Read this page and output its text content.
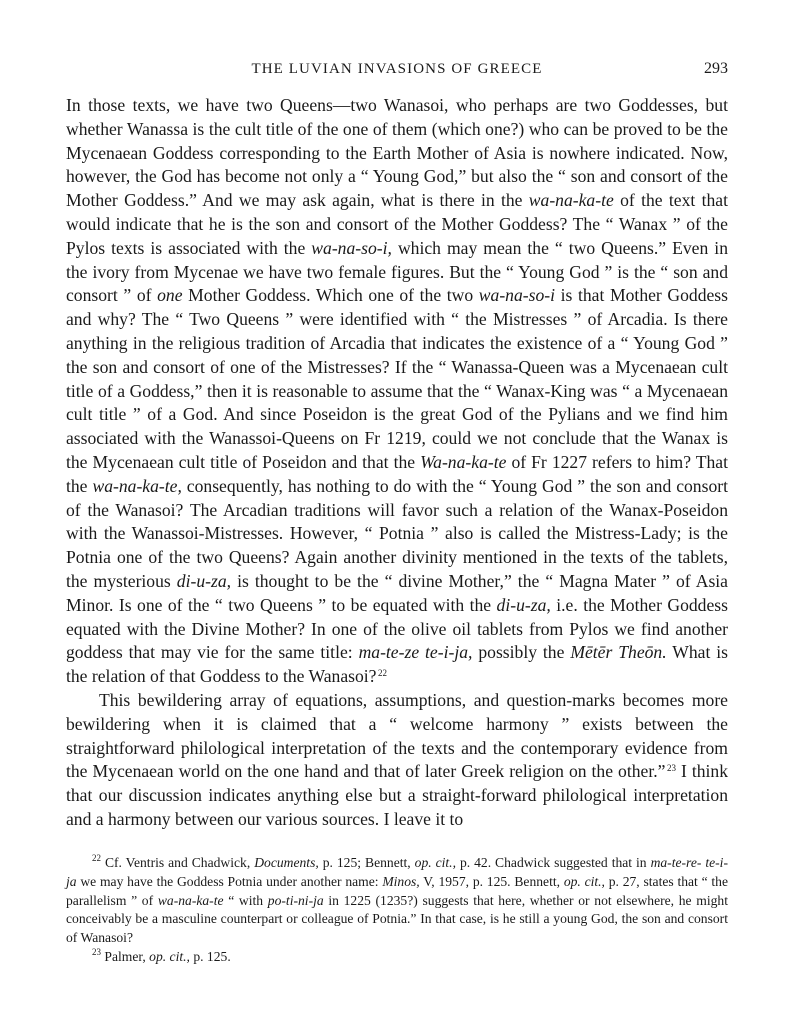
THE LUVIAN INVASIONS OF GREECE	293

In those texts, we have two Queens—two Wanasoi, who perhaps are two Goddesses, but whether Wanassa is the cult title of the one of them (which one?) who can be proved to be the Mycenaean Goddess corresponding to the Earth Mother of Asia is nowhere indicated. Now, however, the God has become not only a “ Young God,” but also the “ son and consort of the Mother Goddess.” And we may ask again, what is there in the wa-na-ka-te of the text that would indicate that he is the son and consort of the Mother Goddess? The “ Wanax ” of the Pylos texts is associated with the wa-na-so-i, which may mean the “ two Queens.” Even in the ivory from Mycenae we have two female figures. But the “ Young God ” is the “ son and consort ” of one Mother Goddess. Which one of the two wa-na-so-i is that Mother Goddess and why? The “ Two Queens ” were identified with “ the Mistresses ” of Arcadia. Is there anything in the religious tradition of Arcadia that indicates the existence of a “ Young God ” the son and consort of one of the Mistresses? If the “ Wanassa-Queen was a Mycenaean cult title of a Goddess,” then it is reasonable to assume that the “ Wanax-King was “ a Mycenaean cult title ” of a God. And since Poseidon is the great God of the Pylians and we find him associated with the Wanassoi-Queens on Fr 1219, could we not conclude that the Wanax is the Mycenaean cult title of Poseidon and that the Wa-na-ka-te of Fr 1227 refers to him? That the wa-na-ka-te, consequently, has nothing to do with the “ Young God ” the son and consort of the Wanasoi? The Arcadian traditions will favor such a relation of the Wanax-Poseidon with the Wanassoi-Mistresses. However, “ Potnia ” also is called the Mistress-Lady; is the Potnia one of the two Queens? Again another divinity mentioned in the texts of the tablets, the mysterious di-u-za, is thought to be the “ divine Mother,” the “ Magna Mater ” of Asia Minor. Is one of the “ two Queens ” to be equated with the di-u-za, i.e. the Mother Goddess equated with the Divine Mother? In one of the olive oil tablets from Pylos we find another goddess that may vie for the same title: ma-te-ze te-i-ja, possibly the Mētēr Theōn. What is the relation of that Goddess to the Wanasoi? $^{22}$

This bewildering array of equations, assumptions, and question-marks becomes more bewildering when it is claimed that a “ welcome harmony ” exists between the straightforward philological interpretation of the texts and the contemporary evidence from the Mycenaean world on the one hand and that of later Greek religion on the other.” $^{23}$ I think that our discussion indicates anything else but a straight-forward philological interpretation and a harmony between our various sources. I leave it to

$^{22}$ Cf. Ventris and Chadwick, Documents, p. 125; Bennett, op. cit., p. 42. Chadwick suggested that in ma-te-re- te-i-ja we may have the Goddess Potnia under another name: Minos, V, 1957, p. 125. Bennett, op. cit., p. 27, states that “ the parallelism ” of wa-na-ka-te “ with po-ti-ni-ja in 1225 (1235?) suggests that here, whether or not elsewhere, he might conceivably be a masculine counterpart or colleague of Potnia.” In that case, is he still a young God, the son and consort of Wanasoi?

$^{23}$ Palmer, op. cit., p. 125.
